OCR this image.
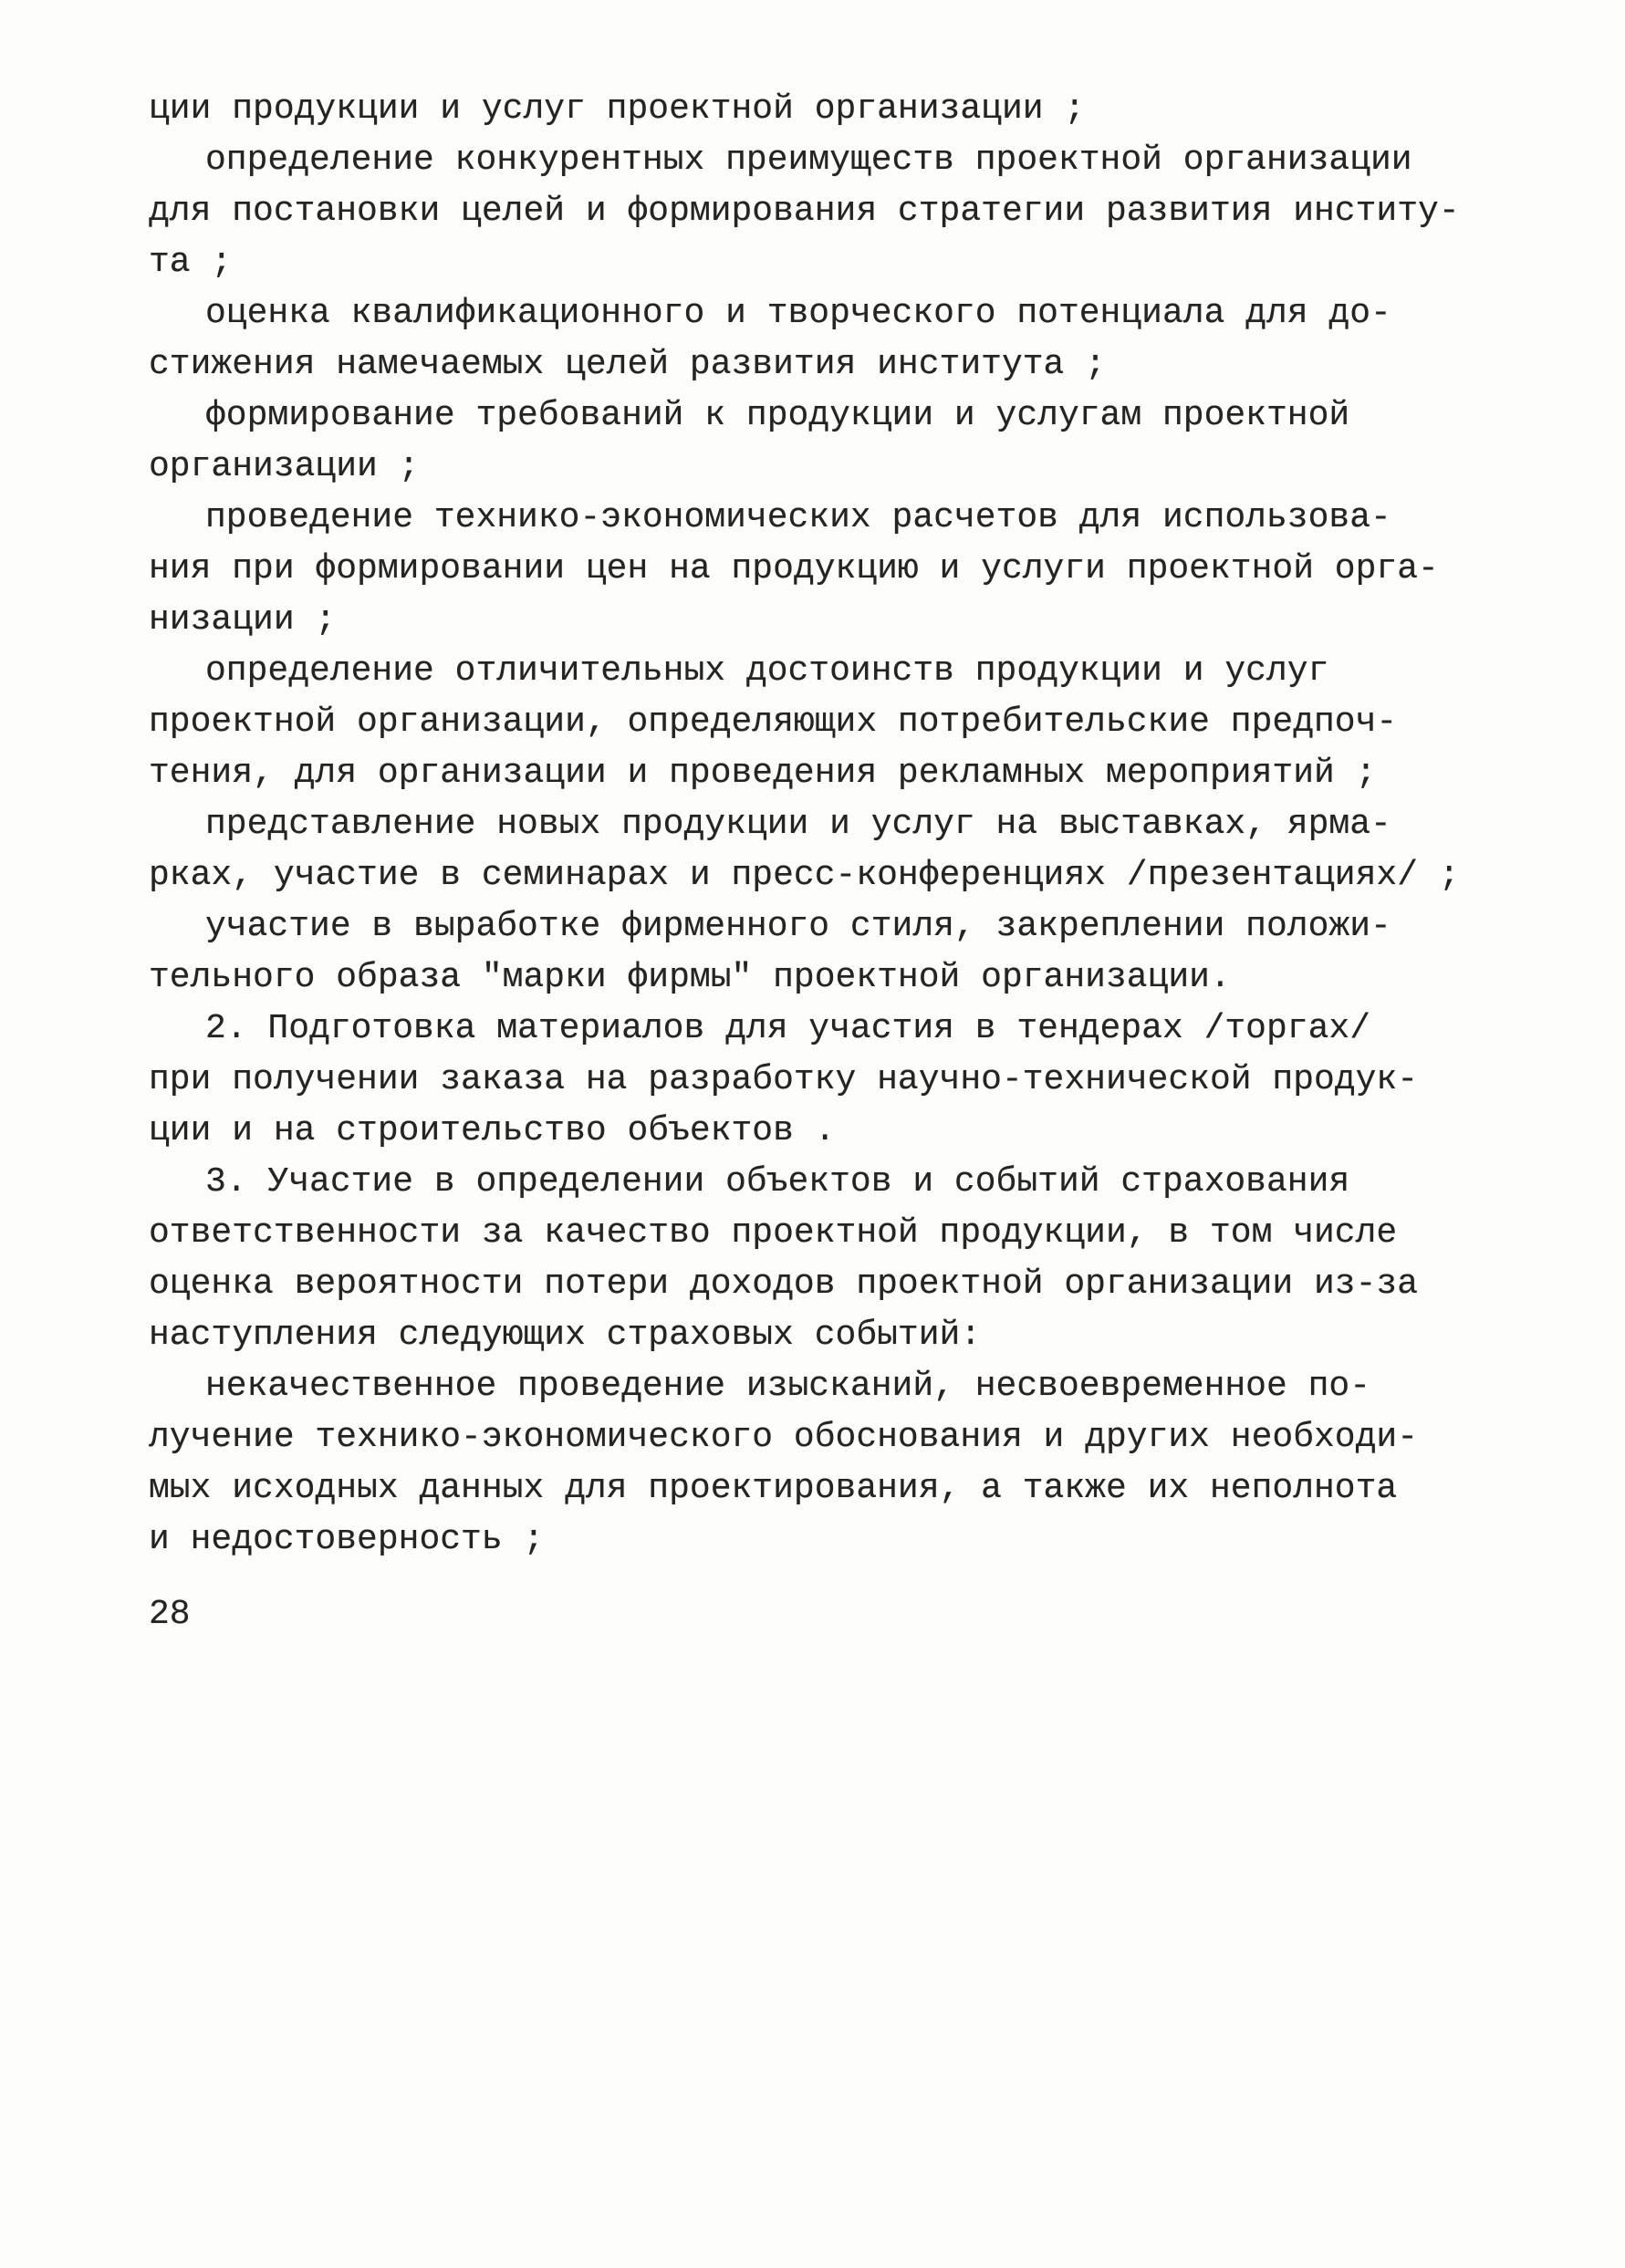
ции продукции и услуг проектной организации ;
определение конкурентных преимуществ проектной организации
для постановки целей и формирования стратегии развития институ-
та ;
оценка квалификационного и творческого потенциала для до-
стижения намечаемых целей развития института ;
формирование требований к продукции и услугам проектной
организации ;
проведение технико-экономических расчетов для использова-
ния при формировании цен на продукцию и услуги проектной орга-
низации ;
определение отличительных достоинств продукции и услуг
проектной организации, определяющих потребительские предпоч-
тения, для организации и проведения рекламных мероприятий ;
представление новых продукции и услуг на выставках, ярма-
рках, участие в семинарах и пресс-конференциях /презентациях/ ;
участие в выработке фирменного стиля, закреплении положи-
тельного образа "марки фирмы" проектной организации.
2. Подготовка материалов для участия в тендерах /торгах/
при получении заказа на разработку научно-технической продук-
ции и на строительство объектов .
3. Участие в определении объектов и событий страхования
ответственности за качество проектной продукции, в том числе
оценка вероятности потери доходов проектной организации из-за
наступления следующих страховых событий:
некачественное проведение изысканий, несвоевременное по-
лучение технико-экономического обоснования и других необходи-
мых исходных данных для проектирования, а также их неполнота
и недостоверность ;
28
